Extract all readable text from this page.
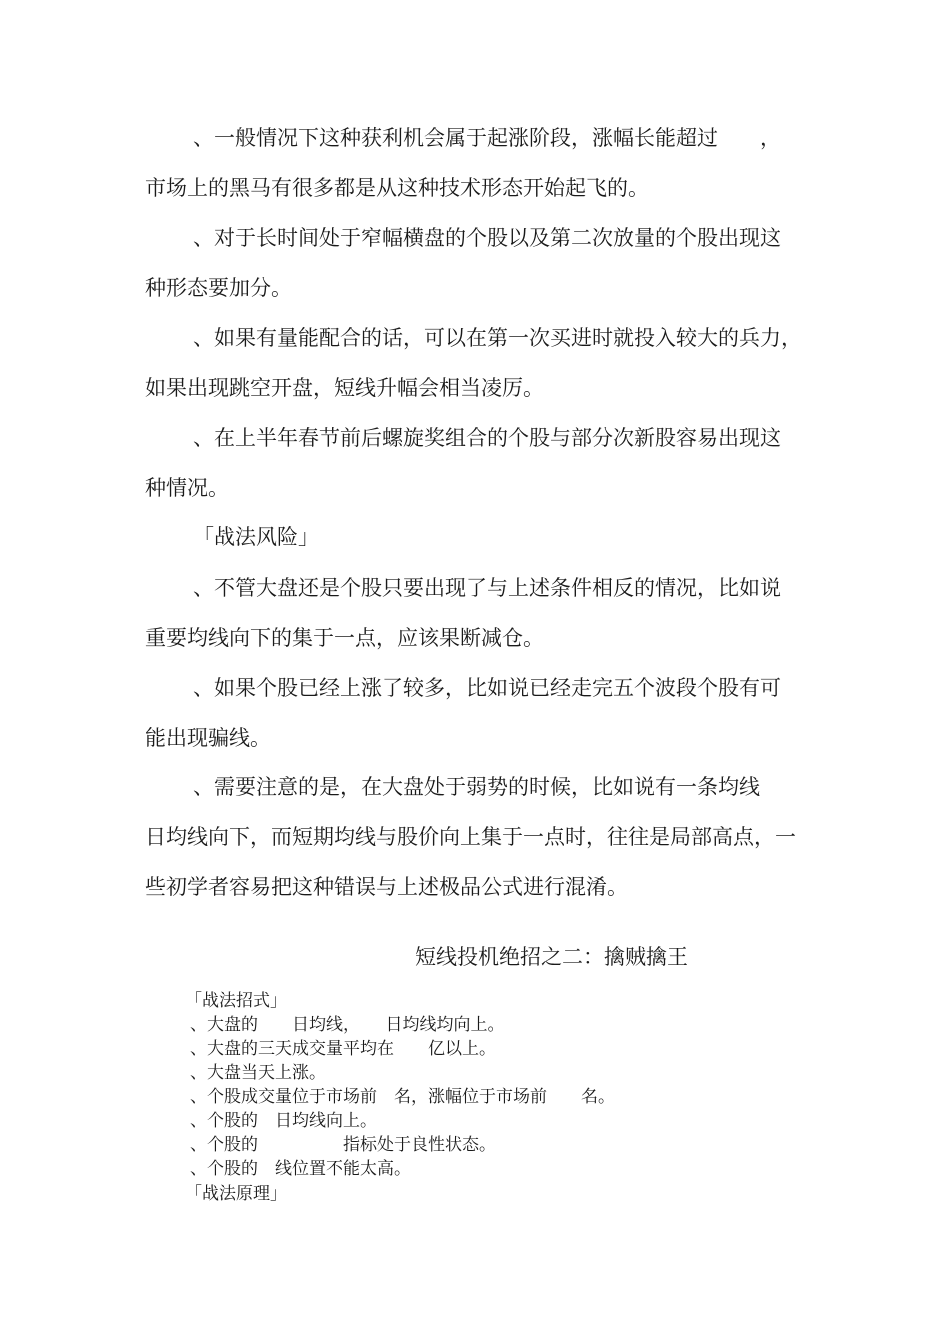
、一般情况下这种获利机会属于起涨阶段，涨幅长能超过　　，
市场上的黑马有很多都是从这种技术形态开始起飞的。
、对于长时间处于窄幅横盘的个股以及第二次放量的个股出现这
种形态要加分。
、如果有量能配合的话，可以在第一次买进时就投入较大的兵力，
如果出现跳空开盘，短线升幅会相当凌厉。
、在上半年春节前后螺旋奖组合的个股与部分次新股容易出现这
种情况。
「战法风险」
、不管大盘还是个股只要出现了与上述条件相反的情况，比如说
重要均线向下的集于一点，应该果断减仓。
、如果个股已经上涨了较多，比如说已经走完五个波段个股有可
能出现骗线。
、需要注意的是，在大盘处于弱势的时候，比如说有一条均线
日均线向下，而短期均线与股价向上集于一点时，往往是局部高点，一
些初学者容易把这种错误与上述极品公式进行混淆。
短线投机绝招之二：擒贼擒王
「战法招式」
、大盘的　　日均线，　　日均线均向上。
、大盘的三天成交量平均在　　亿以上。
、大盘当天上涨。
、个股成交量位于市场前　名，涨幅位于市场前　　名。
、个股的　日均线向上。
、个股的　　　　　指标处于良性状态。
、个股的　线位置不能太高。
「战法原理」
